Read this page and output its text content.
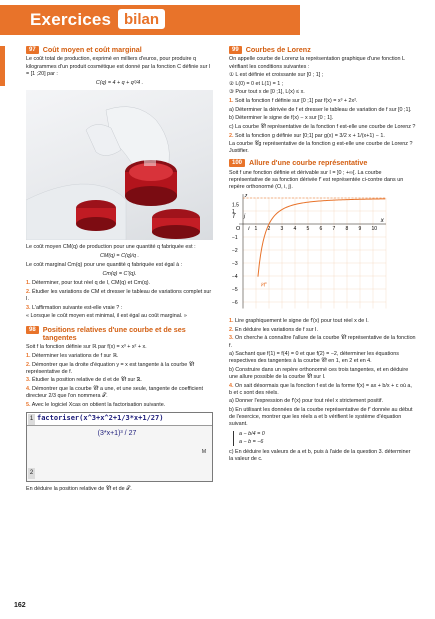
Exercices bilan
97 Coût moyen et coût marginal

Le coût total de production, exprimé en milliers d'euros, pour produire q kilogrammes d'un produit cosmétique est donné par la fonction C définie sur I = [1 ;20] par :

C(q) = 4 + q + q²/4 .

Le coût moyen CM(q) de production pour une quantité q fabriquée est :

CM(q) = C(q)/q .

Le coût marginal Cm(q) pour une quantité q fabriquée est égal à :

Cm(q) = C'(q).

1. Déterminer, pour tout réel q de I, CM(q) et Cm(q).

2. Étudier les variations de CM et dresser le tableau de variations complet sur I.

3. L'affirmation suivante est-elle vraie ? :

« Lorsque le coût moyen est minimal, il est égal au coût marginal. »

98 Positions relatives d'une courbe et de ses tangentes

Soit f la fonction définie sur ℝ par f(x) = x³ + x² + x.

1. Déterminer les variations de f sur ℝ.

2. Démontrer que la droite d'équation y = x est tangente à la courbe 𝒞f représentative de f.

3. Étudier la position relative de d et de 𝒞f sur ℝ.

4. Démontrer que la courbe 𝒞f a une, et une seule, tangente de coefficient directeur 2/3 que l'on nommera 𝒯.

5. Avec le logiciel Xcas on obtient la factorisation suivante.

1 factoriser(x^3+x^2+1/3*x+1/27)
(3*x+1)³ / 27
M
2

En déduire la position relative de 𝒞f et de 𝒯.

99 Courbes de Lorenz

On appelle courbe de Lorenz la représentation graphique d'une fonction L vérifiant les conditions suivantes :

① L est définie et croissante sur [0 ; 1] ;

② L(0) = 0 et L(1) = 1 ;

③ Pour tout x de [0 ;1], L(x) ≤ x.

1. Soit la fonction f définie sur [0 ;1] par f(x) = x³ + 2x².

a) Déterminer la dérivée de f et dresser le tableau de variation de f sur [0 ;1].

b) Déterminer le signe de f(x) − x sur [0 ; 1].

c) La courbe 𝒞f représentative de la fonction f est-elle une courbe de Lorenz ?

2. Soit la fonction g définie sur [0;1] par g(x) = 3/2 x + 1/(x+1) − 1.

La courbe 𝒞g représentative de la fonction g est-elle une courbe de Lorenz ? Justifier.

100 Allure d'une courbe représentative

Soit f une fonction définie et dérivable sur I = ]0 ; +∞[. La courbe représentative de sa fonction dérivée f' est représentée ci-contre dans un repère orthonormé (O, i, j).

1 2 3 4 5 6 7 8 9 10
1.5
1
−1
−2
−3
−4
−5
−6
y
x
T
O i
j
𝒞f'

1. Lire graphiquement le signe de f'(x) pour tout réel x de I.

2. En déduire les variations de f sur I.

3. On cherche à connaître l'allure de la courbe 𝒞f représentative de la fonction f.

a) Sachant que f(1) = f(4) = 0 et que f(2) = −2, déterminer les équations respectives des tangentes à la courbe 𝒞f en 1, en 2 et en 4.

b) Construire dans un repère orthonormé ces trois tangentes, et en déduire une allure possible de la courbe 𝒞f sur I.

4. On sait désormais que la fonction f est de la forme f(x) = ax + b/x + c où a, b et c sont des réels.

a) Donner l'expression de f'(x) pour tout réel x strictement positif.

b) En utilisant les données de la courbe représentative de f' donnée au début de l'exercice, montrer que les réels a et b vérifient le système d'équation suivant.

a − b/4 = 0
a − b = −6

c) En déduire les valeurs de a et b, puis à l'aide de la question 3. déterminer la valeur de c.

162
